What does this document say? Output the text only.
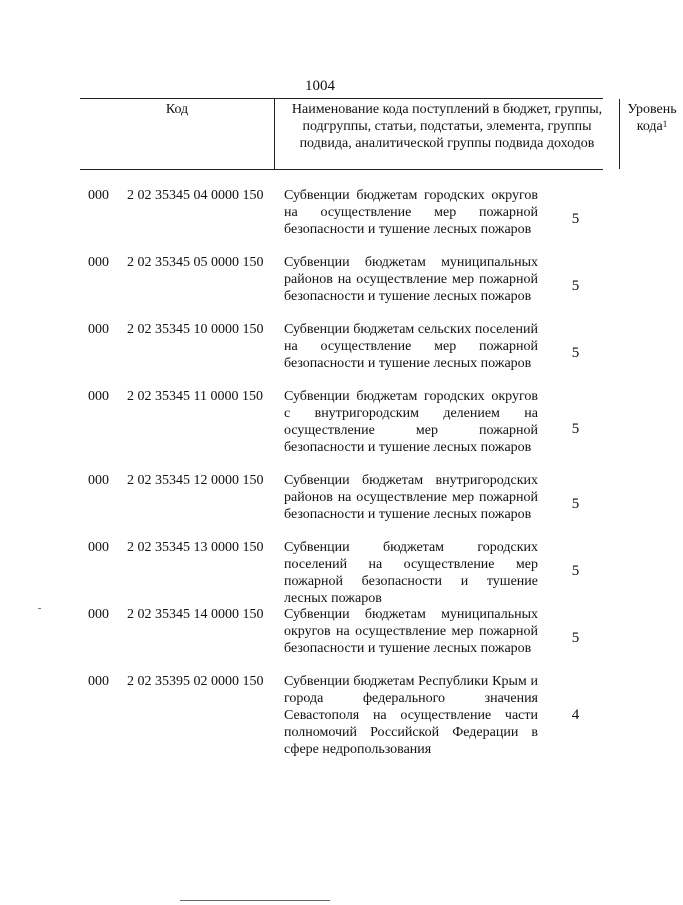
1004
Код	Наименование кода поступлений в бюджет, группы, подгруппы, статьи, подстатьи, элемента, группы подвида, аналитической группы подвида доходов
Уровень кода$^1$
000 2 02 35345 04 0000 150 Субвенции бюджетам городских округов на осуществление мер пожарной безопасности и тушение лесных пожаров
5
000 2 02 35345 05 0000 150 Субвенции бюджетам муниципальных районов на осуществление мер пожарной безопасности и тушение лесных пожаров
5
000 2 02 35345 10 0000 150 Субвенции бюджетам сельских поселений на осуществление мер пожарной безопасности и тушение лесных пожаров
5
000 2 02 35345 11 0000 150 Субвенции бюджетам городских округов с внутригородским делением на осуществление мер пожарной безопасности и тушение лесных пожаров
5
000 2 02 35345 12 0000 150 Субвенции бюджетам внутригородских районов на осуществление мер пожарной безопасности и тушение лесных пожаров
5
000 2 02 35345 13 0000 150 Субвенции бюджетам городских поселений на осуществление мер пожарной безопасности и тушение лесных пожаров
5
000 2 02 35345 14 0000 150 Субвенции бюджетам муниципальных округов на осуществление мер пожарной безопасности и тушение лесных пожаров
5
000 2 02 35395 02 0000 150 Субвенции бюджетам Республики Крым и города федерального значения Севастополя на осуществление части полномочий Российской Федерации в сфере недропользования
4
